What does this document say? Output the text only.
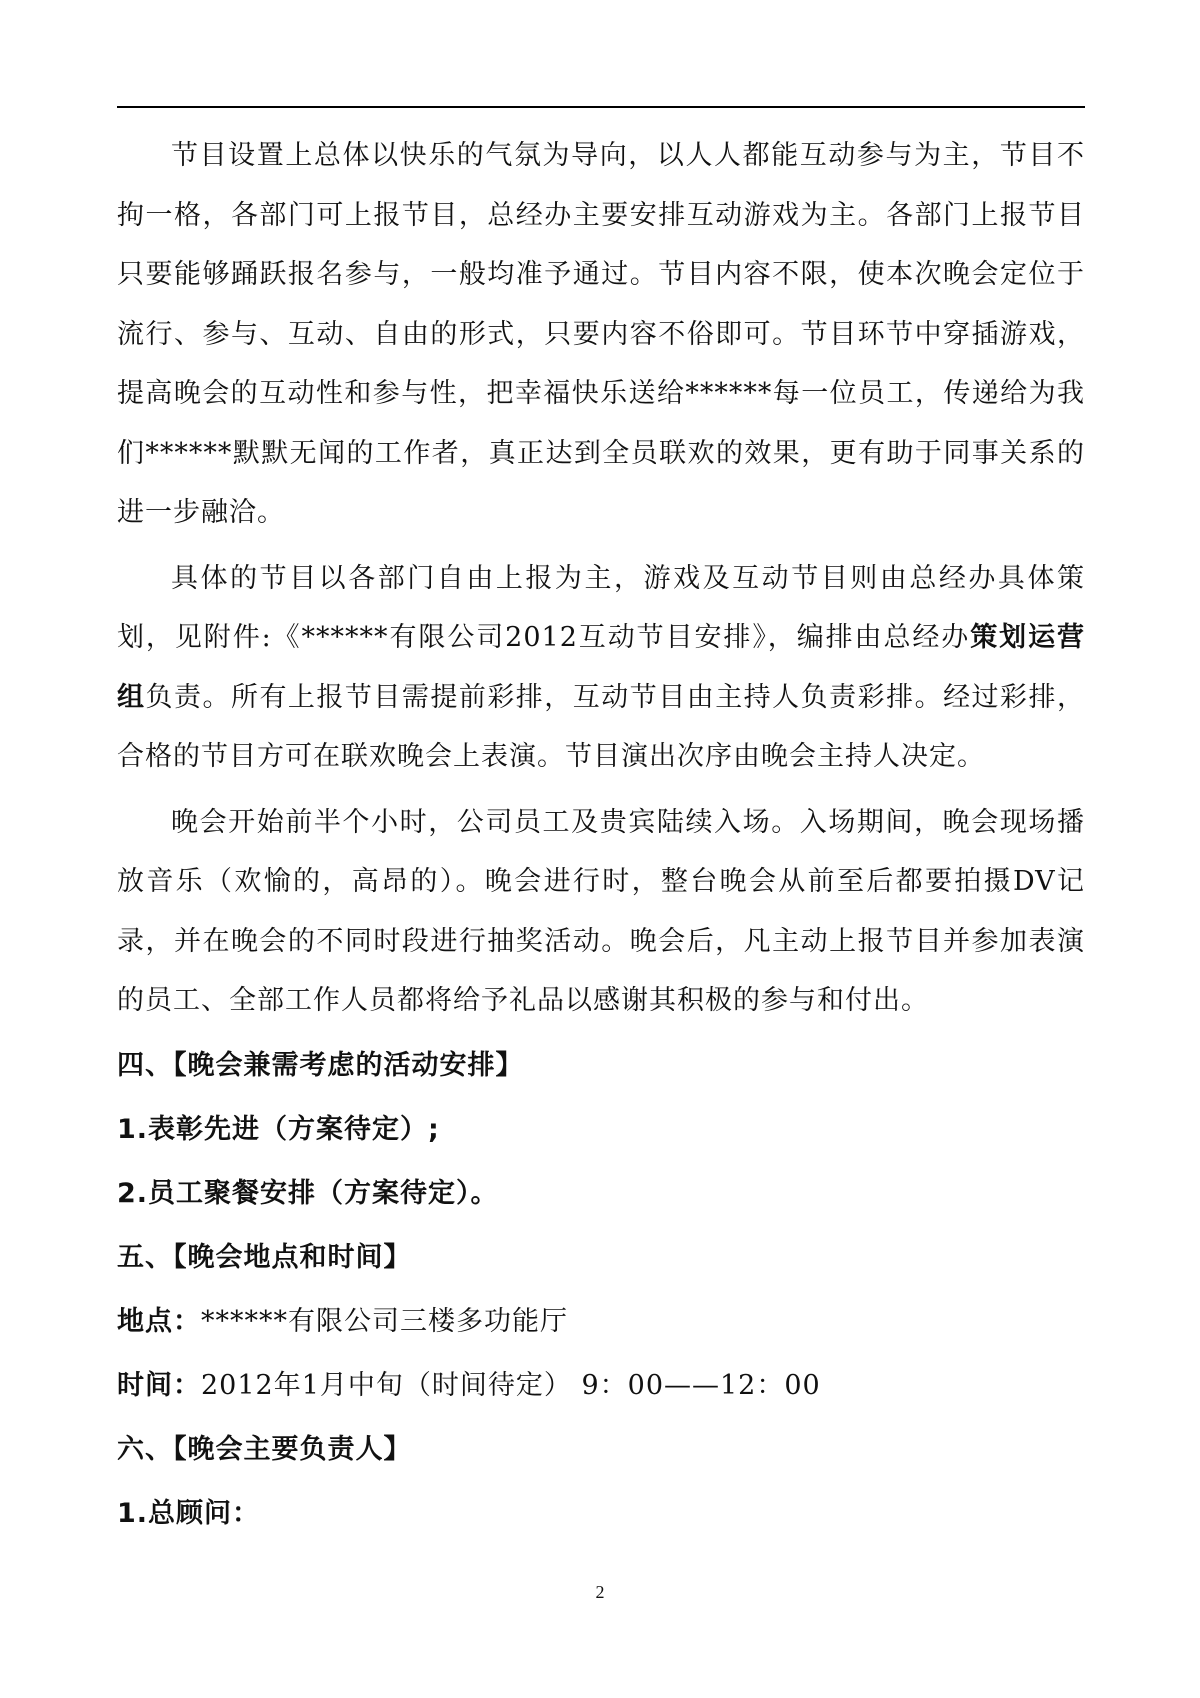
节目设置上总体以快乐的气氛为导向，以人人都能互动参与为主，节目不拘一格，各部门可上报节目，总经办主要安排互动游戏为主。各部门上报节目只要能够踊跃报名参与，一般均准予通过。节目内容不限，使本次晚会定位于流行、参与、互动、自由的形式，只要内容不俗即可。节目环节中穿插游戏，提高晚会的互动性和参与性，把幸福快乐送给******每一位员工，传递给为我们******默默无闻的工作者，真正达到全员联欢的效果，更有助于同事关系的进一步融洽。

具体的节目以各部门自由上报为主，游戏及互动节目则由总经办具体策划，见附件:《******有限公司2012互动节目安排》，编排由总经办策划运营组负责。所有上报节目需提前彩排，互动节目由主持人负责彩排。经过彩排，合格的节目方可在联欢晚会上表演。节目演出次序由晚会主持人决定。

晚会开始前半个小时，公司员工及贵宾陆续入场。入场期间，晚会现场播放音乐（欢愉的，高昂的）。晚会进行时，整台晚会从前至后都要拍摄DV记录，并在晚会的不同时段进行抽奖活动。晚会后，凡主动上报节目并参加表演的员工、全部工作人员都将给予礼品以感谢其积极的参与和付出。

四、【晚会兼需考虑的活动安排】
1.表彰先进（方案待定）;
2.员工聚餐安排（方案待定）。
五、【晚会地点和时间】
地点：******有限公司三楼多功能厅
时间：2012年1月中旬（时间待定） 9：00——12：00
六、【晚会主要负责人】
1.总顾问：
2
